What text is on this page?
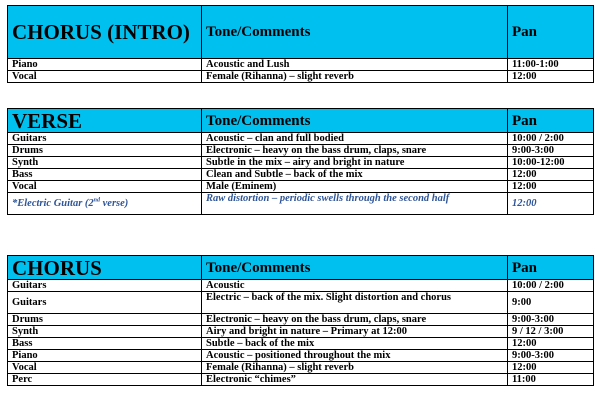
CHORUS (INTRO)	Tone/Comments	Pan
Piano	Acoustic and Lush	11:00-1:00
Vocal	Female (Rihanna) – slight reverb	12:00
VERSE	Tone/Comments	Pan
Guitars	Acoustic – clan and full bodied	10:00 / 2:00
Drums	Electronic – heavy on the bass drum, claps, snare	9:00-3:00
Synth	Subtle in the mix – airy and bright in nature	10:00-12:00
Bass	Clean and Subtle – back of the mix	12:00
Vocal	Male (Eminem)	12:00
*Electric Guitar (2nd verse)	Raw distortion – periodic swells through the second half	12:00
CHORUS	Tone/Comments	Pan
Guitars	Acoustic	10:00 / 2:00
Guitars	Electric – back of the mix. Slight distortion and chorus	9:00
Drums	Electronic – heavy on the bass drum, claps, snare	9:00-3:00
Synth	Airy and bright in nature – Primary at 12:00	9 / 12 / 3:00
Bass	Subtle – back of the mix	12:00
Piano	Acoustic – positioned throughout the mix	9:00-3:00
Vocal	Female (Rihanna) – slight reverb	12:00
Perc	Electronic “chimes”	11:00
